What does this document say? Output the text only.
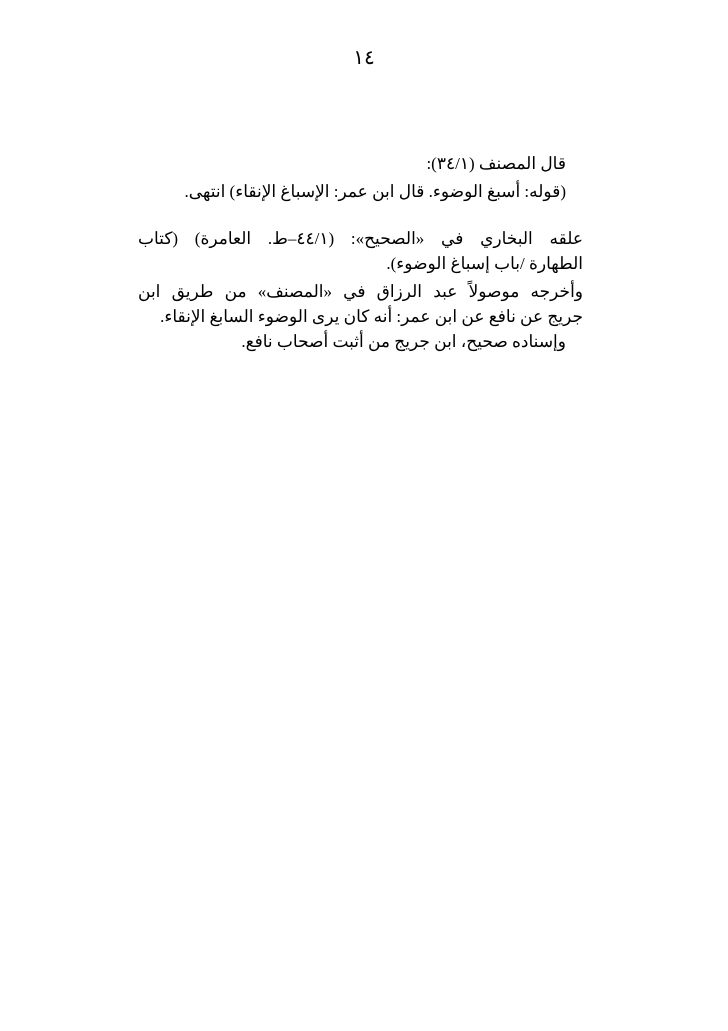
١٤
قال المصنف (٣٤/١):
(قوله: أسبغ الوضوء. قال ابن عمر: الإسباغ الإنقاء) انتهى.
علقه البخاري في «الصحيح»: (٤٤/١–ط. العامرة) (كتاب
الطهارة /باب إسباغ الوضوء).
وأخرجه موصولاً عبد الرزاق في «المصنف» من طريق ابن
جريج عن نافع عن ابن عمر: أنه كان يرى الوضوء السابغ الإنقاء.
وإسناده صحيح، ابن جريج من أثبت أصحاب نافع.
